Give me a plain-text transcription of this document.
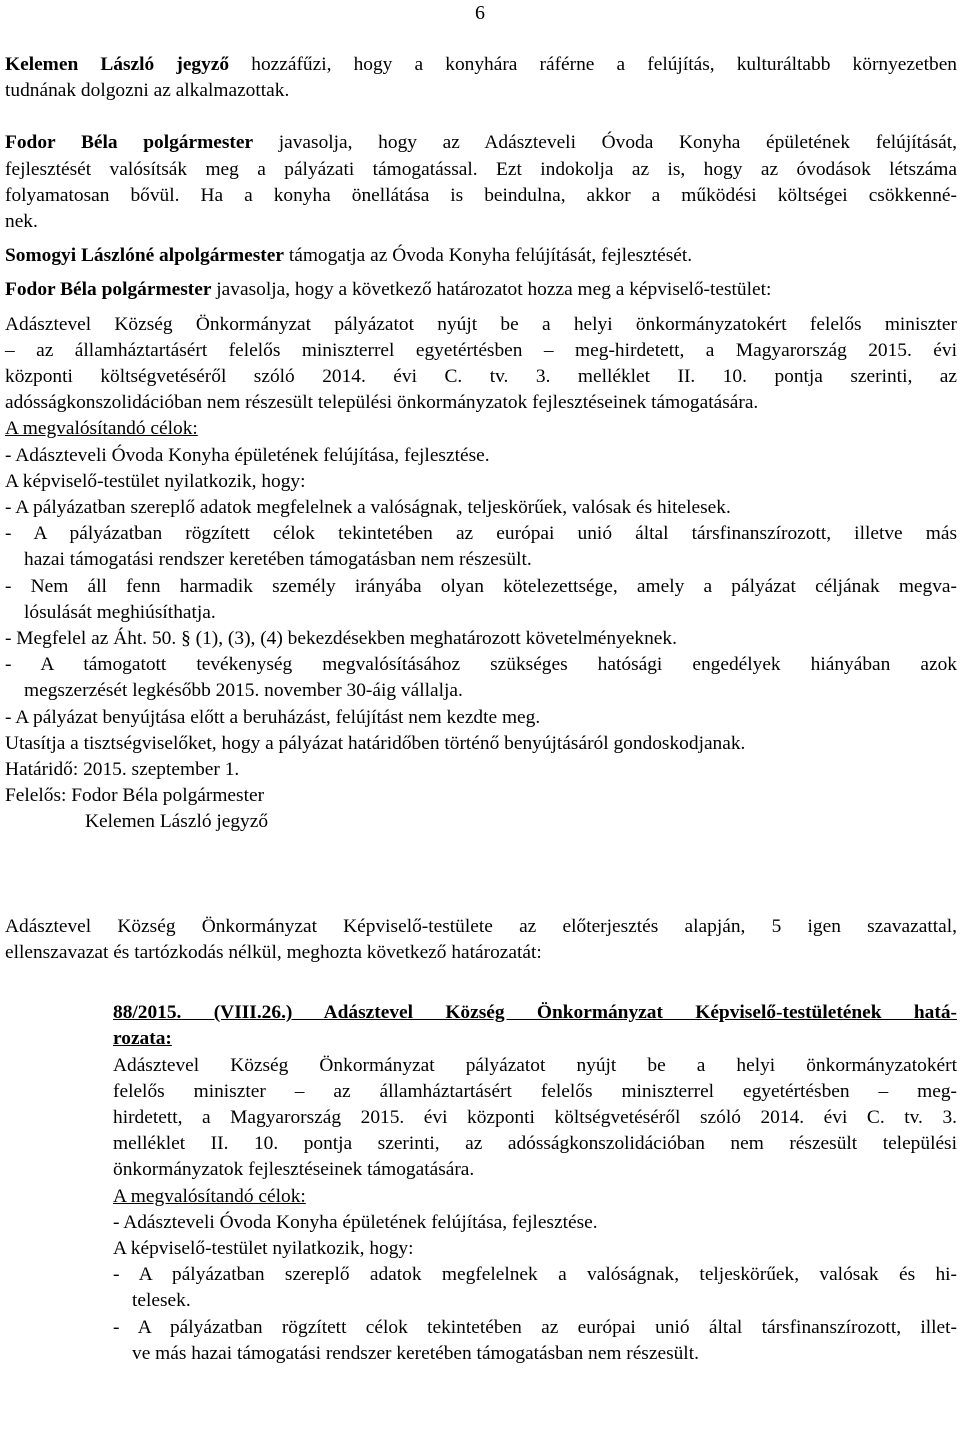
6

Kelemen László jegyző hozzáfűzi, hogy a konyhára ráférne a felújítás, kulturáltabb környezetben

tudnának dolgozni az alkalmazottak.

Fodor Béla polgármester javasolja, hogy az Adászteveli Óvoda Konyha épületének felújítását,

fejlesztését valósítsák meg a pályázati támogatással. Ezt indokolja az is, hogy az óvodások létszáma

folyamatosan bővül. Ha a konyha önellátása is beindulna, akkor a működési költségei csökkenné-

nek.

Somogyi Lászlóné alpolgármester támogatja az Óvoda Konyha felújítását, fejlesztését.

Fodor Béla polgármester javasolja, hogy a következő határozatot hozza meg a képviselő-testület:

Adásztevel Község Önkormányzat pályázatot nyújt be a helyi önkormányzatokért felelős miniszter

– az államháztartásért felelős miniszterrel egyetértésben – meg-hirdetett, a Magyarország 2015. évi

központi költségvetéséről szóló 2014. évi C. tv. 3. melléklet II. 10. pontja szerinti, az

adósságkonszolidációban nem részesült települési önkormányzatok fejlesztéseinek támogatására.

A megvalósítandó célok:

- Adászteveli Óvoda Konyha épületének felújítása, fejlesztése.

A képviselő-testület nyilatkozik, hogy:

- A pályázatban szereplő adatok megfelelnek a valóságnak, teljeskörűek, valósak és hitelesek.

- A pályázatban rögzített célok tekintetében az európai unió által társfinanszírozott, illetve más

hazai támogatási rendszer keretében támogatásban nem részesült.

- Nem áll fenn harmadik személy irányába olyan kötelezettsége, amely a pályázat céljának megva-

lósulását meghiúsíthatja.

- Megfelel az Áht. 50. § (1), (3), (4) bekezdésekben meghatározott követelményeknek.

- A támogatott tevékenység megvalósításához szükséges hatósági engedélyek hiányában azok

megszerzését legkésőbb 2015. november 30-áig vállalja.

- A pályázat benyújtása előtt a beruházást, felújítást nem kezdte meg.

Utasítja a tisztségviselőket, hogy a pályázat határidőben történő benyújtásáról gondoskodjanak.

Határidő: 2015. szeptember 1.

Felelős: Fodor Béla polgármester

Kelemen László jegyző

Adásztevel Község Önkormányzat Képviselő-testülete az előterjesztés alapján, 5 igen szavazattal,

ellenszavazat és tartózkodás nélkül, meghozta következő határozatát:

88/2015. (VIII.26.) Adásztevel Község Önkormányzat Képviselő-testületének hatá-

rozata:

Adásztevel Község Önkormányzat pályázatot nyújt be a helyi önkormányzatokért

felelős miniszter – az államháztartásért felelős miniszterrel egyetértésben – meg-

hirdetett, a Magyarország 2015. évi központi költségvetéséről szóló 2014. évi C. tv. 3.

melléklet II. 10. pontja szerinti, az adósságkonszolidációban nem részesült települési

önkormányzatok fejlesztéseinek támogatására.

A megvalósítandó célok:

- Adászteveli Óvoda Konyha épületének felújítása, fejlesztése.

A képviselő-testület nyilatkozik, hogy:

- A pályázatban szereplő adatok megfelelnek a valóságnak, teljeskörűek, valósak és hi-

telesek.

- A pályázatban rögzített célok tekintetében az európai unió által társfinanszírozott, illet-

ve más hazai támogatási rendszer keretében támogatásban nem részesült.
